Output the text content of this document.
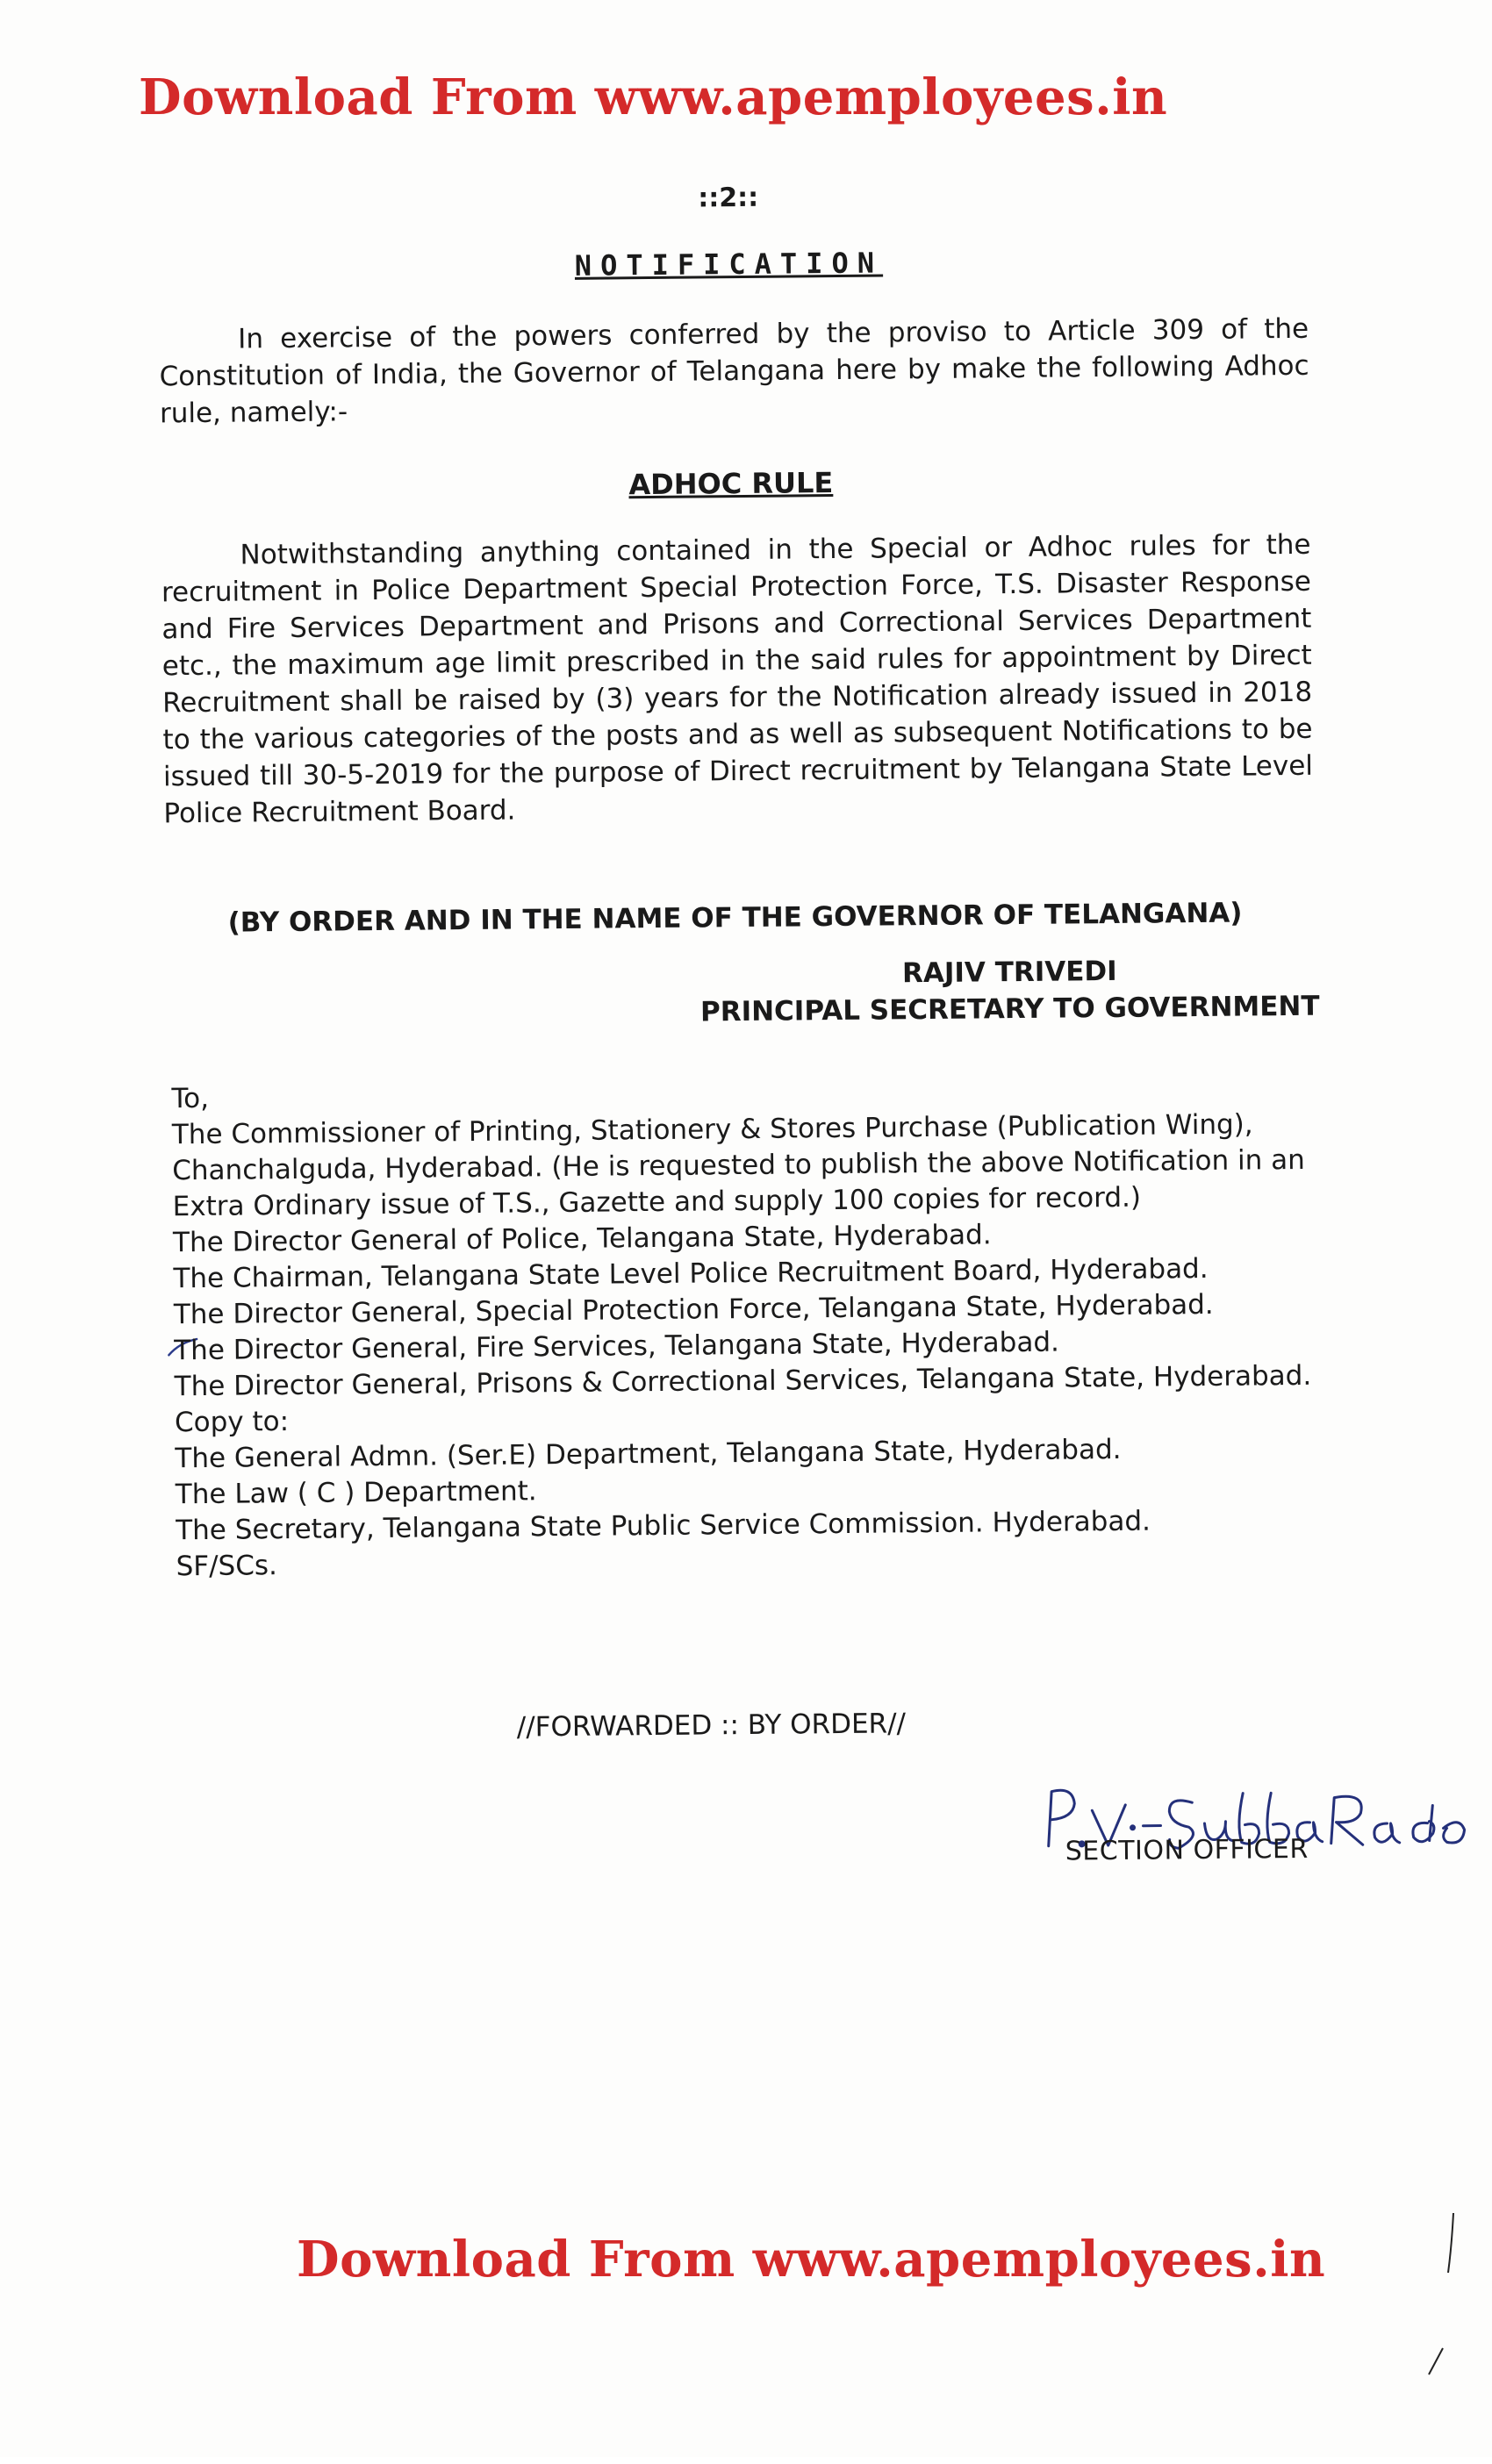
Download From www.apemployees.in
::2::
NOTIFICATION

In exercise of the powers conferred by the proviso to Article 309 of the Constitution of India, the Governor of Telangana here by make the following Adhoc rule, namely:-

ADHOC RULE

Notwithstanding anything contained in the Special or Adhoc rules for the recruitment in Police Department Special Protection Force, T.S. Disaster Response and Fire Services Department and Prisons and Correctional Services Department etc., the maximum age limit prescribed in the said rules for appointment by Direct Recruitment shall be raised by (3) years for the Notification already issued in 2018 to the various categories of the posts and as well as subsequent Notifications to be issued till 30-5-2019 for the purpose of Direct recruitment by Telangana State Level Police Recruitment Board.

(BY ORDER AND IN THE NAME OF THE GOVERNOR OF TELANGANA)
RAJIV TRIVEDI
PRINCIPAL SECRETARY TO GOVERNMENT
To,
The Commissioner of Printing, Stationery & Stores Purchase (Publication Wing),
Chanchalguda, Hyderabad. (He is requested to publish the above Notification in an Extra Ordinary issue of T.S., Gazette and supply 100 copies for record.)
The Director General of Police, Telangana State, Hyderabad.
The Chairman, Telangana State Level Police Recruitment Board, Hyderabad.
The Director General, Special Protection Force, Telangana State, Hyderabad.
The Director General, Fire Services, Telangana State, Hyderabad.
The Director General, Prisons & Correctional Services, Telangana State, Hyderabad.
Copy to:
The General Admn. (Ser.E) Department, Telangana State, Hyderabad.
The Law ( C ) Department.
The Secretary, Telangana State Public Service Commission. Hyderabad.
SF/SCs.
//FORWARDED :: BY ORDER//
SECTION OFFICER
Download From www.apemployees.in
